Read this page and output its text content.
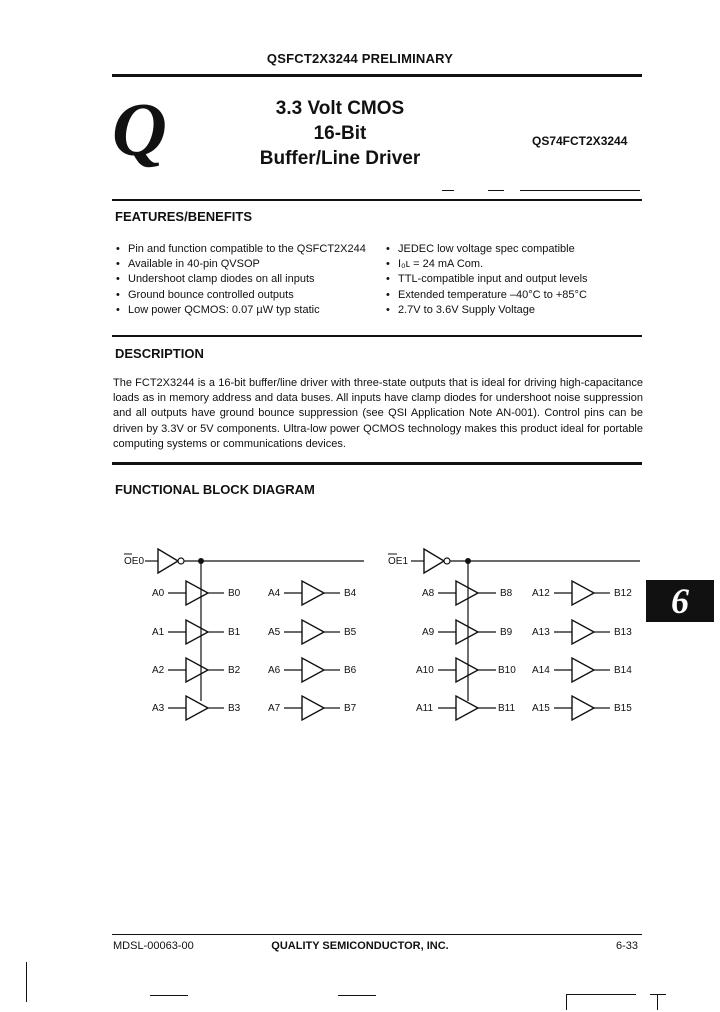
QSFCT2X3244 PRELIMINARY
Q	3.3 Volt CMOS
16-Bit
Buffer/Line Driver
QS74FCT2X3244
FEATURES/BENEFITS
• Pin and function compatible to the QSFCT2X244
• Available in 40-pin QVSOP
• Undershoot clamp diodes on all inputs
• Ground bounce controlled outputs
• Low power QCMOS: 0.07 µW typ static
• JEDEC low voltage spec compatible
• I₀ʟ = 24 mA Com.
• TTL-compatible input and output levels
• Extended temperature –40°C to +85°C
• 2.7V to 3.6V Supply Voltage
DESCRIPTION
The FCT2X3244 is a 16-bit buffer/line driver with three-state outputs that is ideal for driving high-capacitance loads as in memory address and data buses. All inputs have clamp diodes for undershoot noise suppression and all outputs have ground bounce suppression (see QSI Application Note AN-001). Control pins can be driven by 3.3V or 5V components. Ultra-low power QCMOS technology makes this product ideal for portable computing systems or communications devices.
FUNCTIONAL BLOCK DIAGRAM
OE0
A0	B0	A4	B4
A1	B1	A5	B5
A2	B2	A6	B6
A3	B3	A7	B7
OE1
A8	B8 A12	B12
A9	B9 A13	B13
A10	B10 A14	B14
A11	B11 A15	B15
6
MDSL-00063-00	QUALITY SEMICONDUCTOR, INC.	6-33
